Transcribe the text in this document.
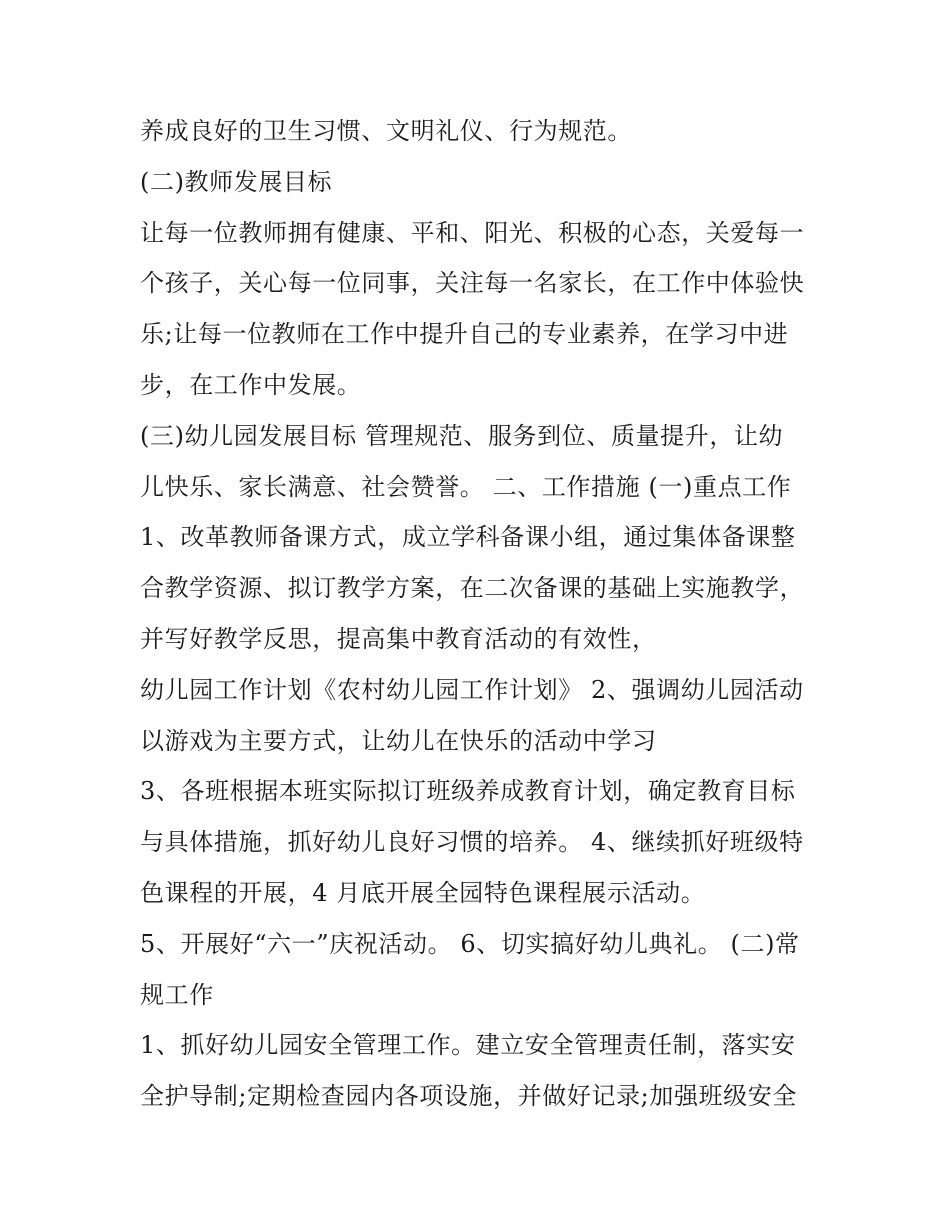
养成良好的卫生习惯、文明礼仪、行为规范。
(二)教师发展目标
让每一位教师拥有健康、平和、阳光、积极的心态，关爱每一
个孩子，关心每一位同事，关注每一名家长，在工作中体验快
乐;让每一位教师在工作中提升自己的专业素养，在学习中进
步，在工作中发展。
(三)幼儿园发展目标 管理规范、服务到位、质量提升，让幼
儿快乐、家长满意、社会赞誉。 二、工作措施 (一)重点工作
1、改革教师备课方式，成立学科备课小组，通过集体备课整
合教学资源、拟订教学方案，在二次备课的基础上实施教学，
并写好教学反思，提高集中教育活动的有效性，
幼儿园工作计划《农村幼儿园工作计划》 2、强调幼儿园活动
以游戏为主要方式，让幼儿在快乐的活动中学习
3、各班根据本班实际拟订班级养成教育计划，确定教育目标
与具体措施，抓好幼儿良好习惯的培养。 4、继续抓好班级特
色课程的开展，4 月底开展全园特色课程展示活动。
5、开展好“六一”庆祝活动。 6、切实搞好幼儿典礼。 (二)常
规工作
1、抓好幼儿园安全管理工作。建立安全管理责任制，落实安
全护导制;定期检查园内各项设施，并做好记录;加强班级安全
